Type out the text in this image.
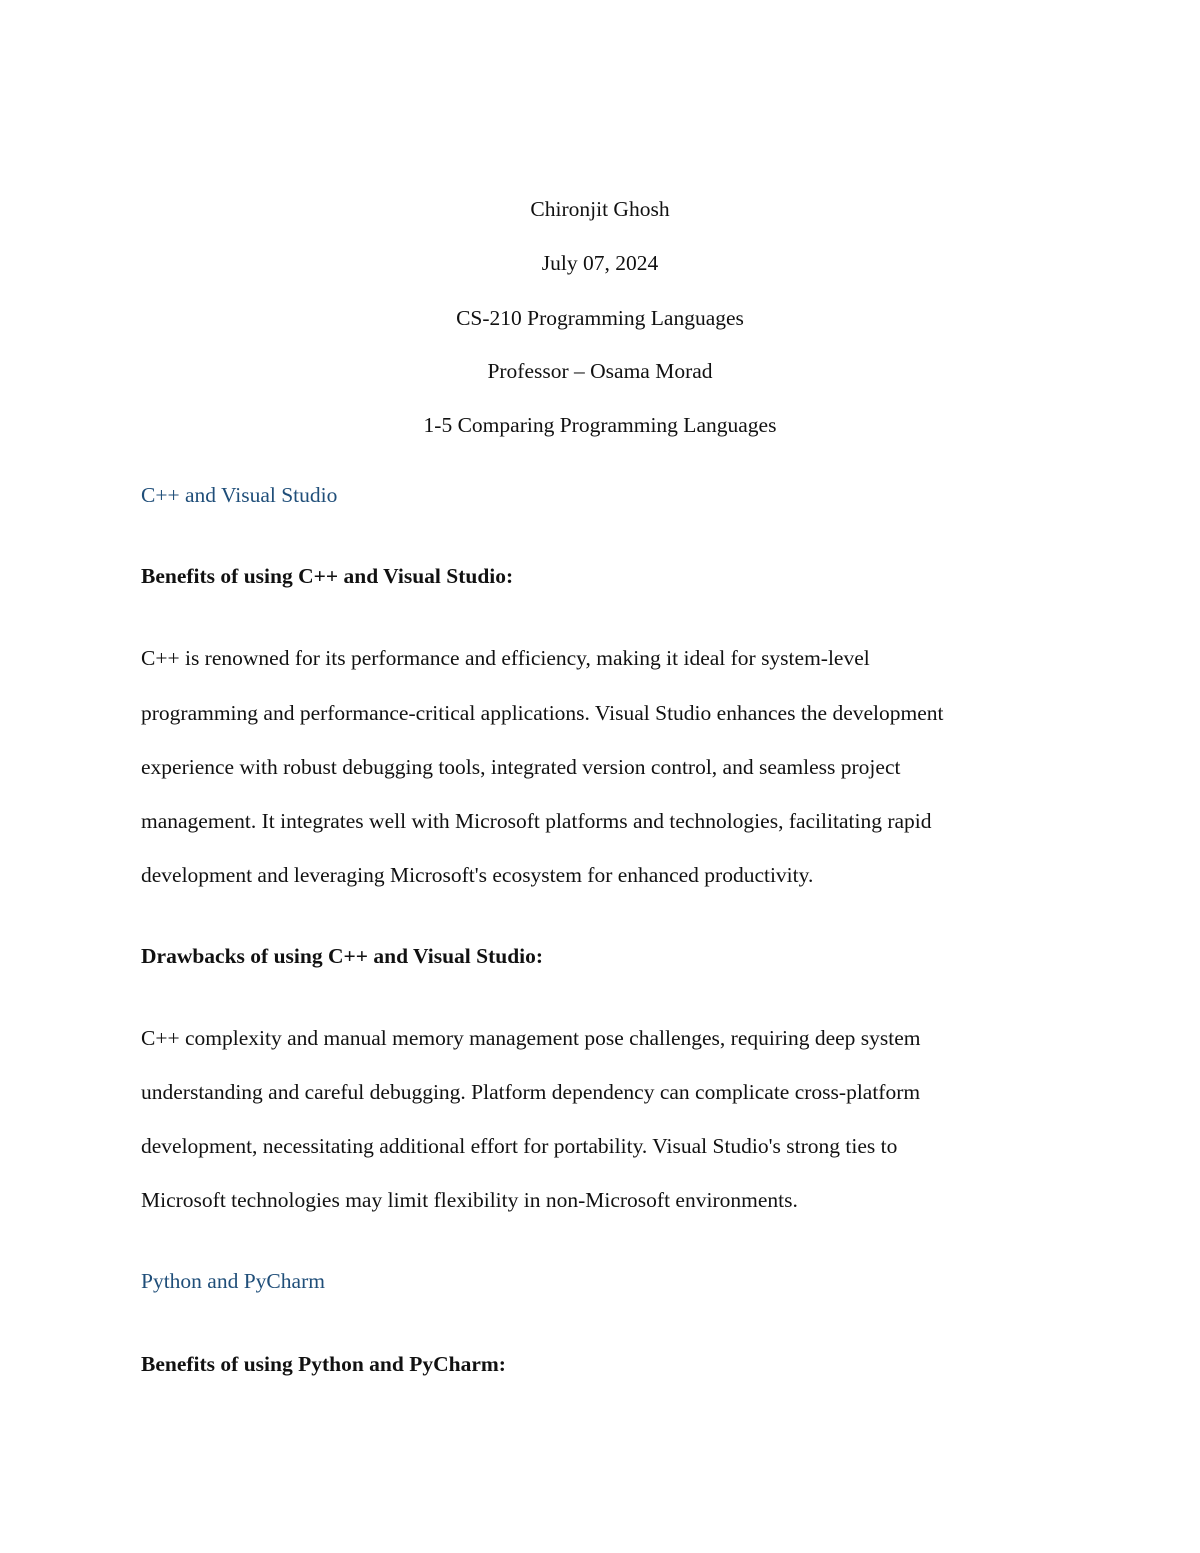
Chironjit Ghosh
July 07, 2024
CS-210 Programming Languages
Professor – Osama Morad
1-5 Comparing Programming Languages
C++ and Visual Studio
Benefits of using C++ and Visual Studio:
C++ is renowned for its performance and efficiency, making it ideal for system-level
programming and performance-critical applications. Visual Studio enhances the development
experience with robust debugging tools, integrated version control, and seamless project
management. It integrates well with Microsoft platforms and technologies, facilitating rapid
development and leveraging Microsoft's ecosystem for enhanced productivity.
Drawbacks of using C++ and Visual Studio:
C++ complexity and manual memory management pose challenges, requiring deep system
understanding and careful debugging. Platform dependency can complicate cross-platform
development, necessitating additional effort for portability. Visual Studio's strong ties to
Microsoft technologies may limit flexibility in non-Microsoft environments.
Python and PyCharm
Benefits of using Python and PyCharm:
